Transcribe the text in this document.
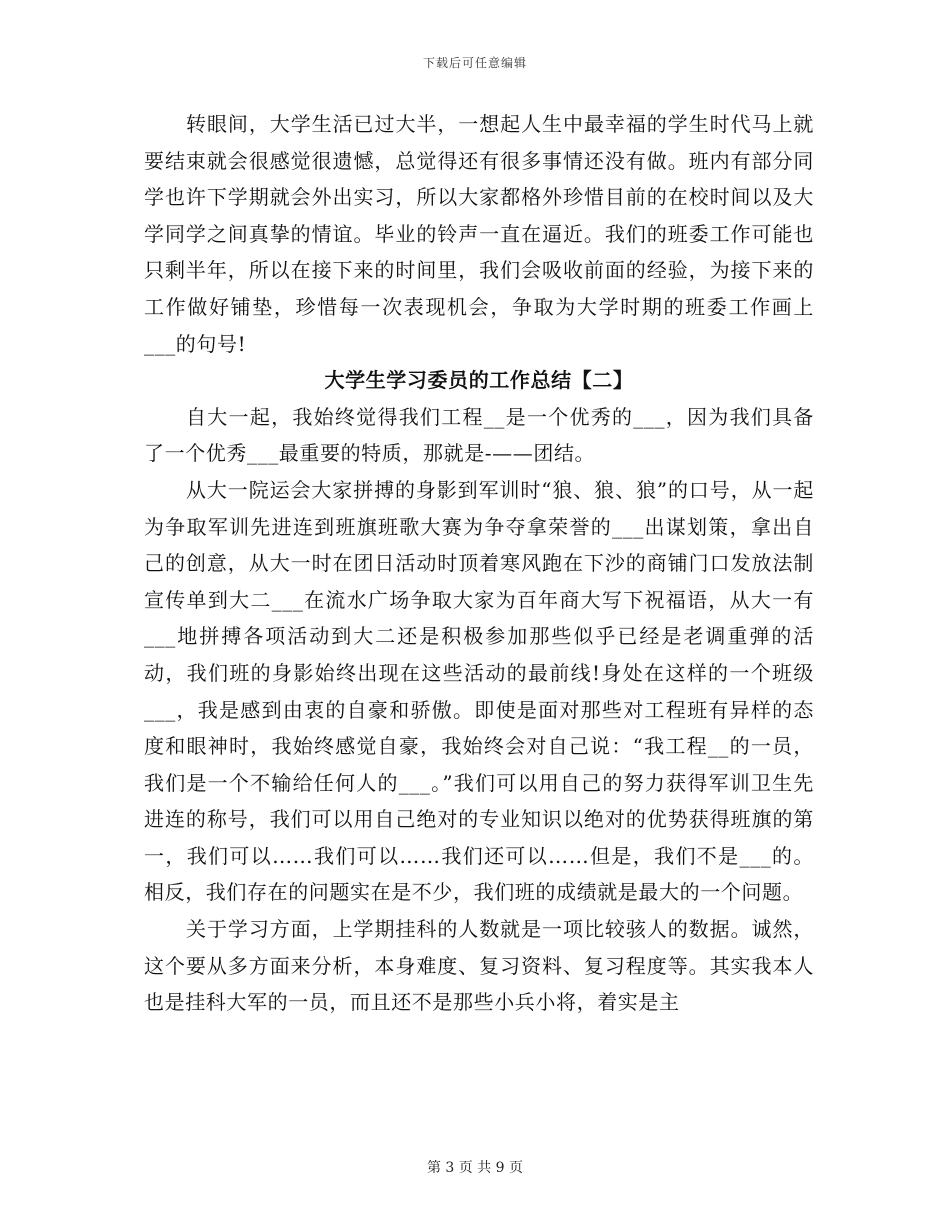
下载后可任意编辑

转眼间，大学生活已过大半，一想起人生中最幸福的学生时代马上就要结束就会很感觉很遗憾，总觉得还有很多事情还没有做。班内有部分同学也许下学期就会外出实习，所以大家都格外珍惜目前的在校时间以及大学同学之间真挚的情谊。毕业的铃声一直在逼近。我们的班委工作可能也只剩半年，所以在接下来的时间里，我们会吸收前面的经验，为接下来的工作做好铺垫，珍惜每一次表现机会，争取为大学时期的班委工作画上___的句号!

大学生学习委员的工作总结【二】

自大一起，我始终觉得我们工程__是一个优秀的___，因为我们具备了一个优秀___最重要的特质，那就是-——团结。

从大一院运会大家拼搏的身影到军训时“狼、狼、狼”的口号，从一起为争取军训先进连到班旗班歌大赛为争夺拿荣誉的___出谋划策，拿出自己的创意，从大一时在团日活动时顶着寒风跑在下沙的商铺门口发放法制宣传单到大二___在流水广场争取大家为百年商大写下祝福语，从大一有___地拼搏各项活动到大二还是积极参加那些似乎已经是老调重弹的活动，我们班的身影始终出现在这些活动的最前线!身处在这样的一个班级___，我是感到由衷的自豪和骄傲。即使是面对那些对工程班有异样的态度和眼神时，我始终感觉自豪，我始终会对自己说：“我工程__的一员，我们是一个不输给任何人的___。”我们可以用自己的努力获得军训卫生先进连的称号，我们可以用自己绝对的专业知识以绝对的优势获得班旗的第一，我们可以……我们可以……我们还可以……但是，我们不是___的。相反，我们存在的问题实在是不少，我们班的成绩就是最大的一个问题。

关于学习方面，上学期挂科的人数就是一项比较骇人的数据。诚然，这个要从多方面来分析，本身难度、复习资料、复习程度等。其实我本人也是挂科大军的一员，而且还不是那些小兵小将，着实是主

第 3 页 共 9 页
